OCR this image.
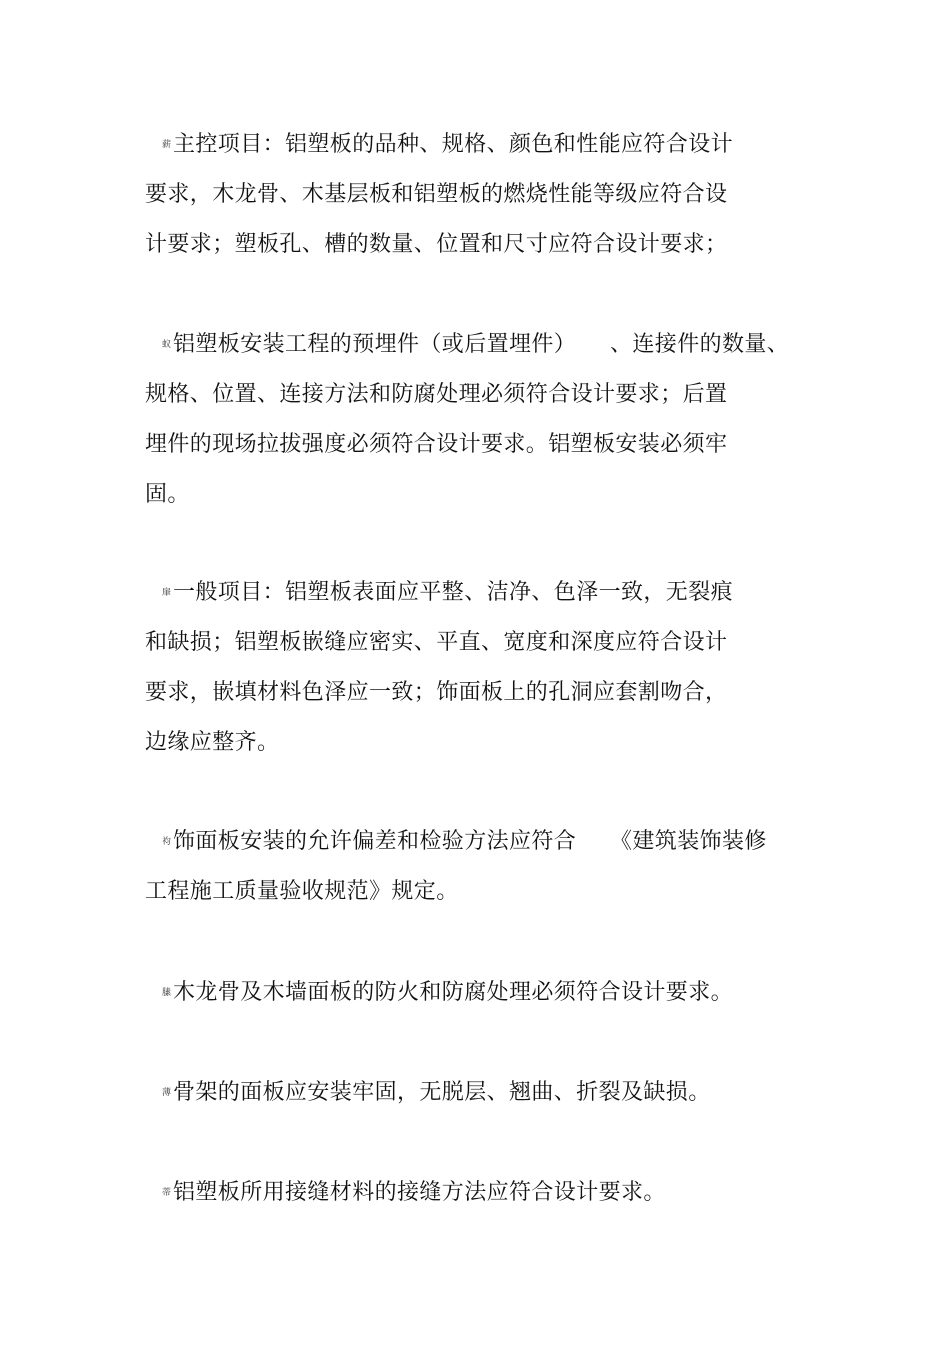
薪主控项目：铝塑板的品种、规格、颜色和性能应符合设计
要求，木龙骨、木基层板和铝塑板的燃烧性能等级应符合设
计要求；塑板孔、槽的数量、位置和尺寸应符合设计要求；
蚁铝塑板安装工程的预埋件（或后置埋件）　　、连接件的数量、
规格、位置、连接方法和防腐处理必须符合设计要求；后置
埋件的现场拉拔强度必须符合设计要求。铝塑板安装必须牢
固。
肁一般项目：铝塑板表面应平整、洁净、色泽一致，无裂痕
和缺损；铝塑板嵌缝应密实、平直、宽度和深度应符合设计
要求，嵌填材料色泽应一致；饰面板上的孔洞应套割吻合，
边缘应整齐。
袀饰面板安装的允许偏差和检验方法应符合　　《建筑装饰装修
工程施工质量验收规范》规定。
膆木龙骨及木墙面板的防火和防腐处理必须符合设计要求。
薄骨架的面板应安装牢固，无脱层、翘曲、折裂及缺损。
蒂铝塑板所用接缝材料的接缝方法应符合设计要求。
